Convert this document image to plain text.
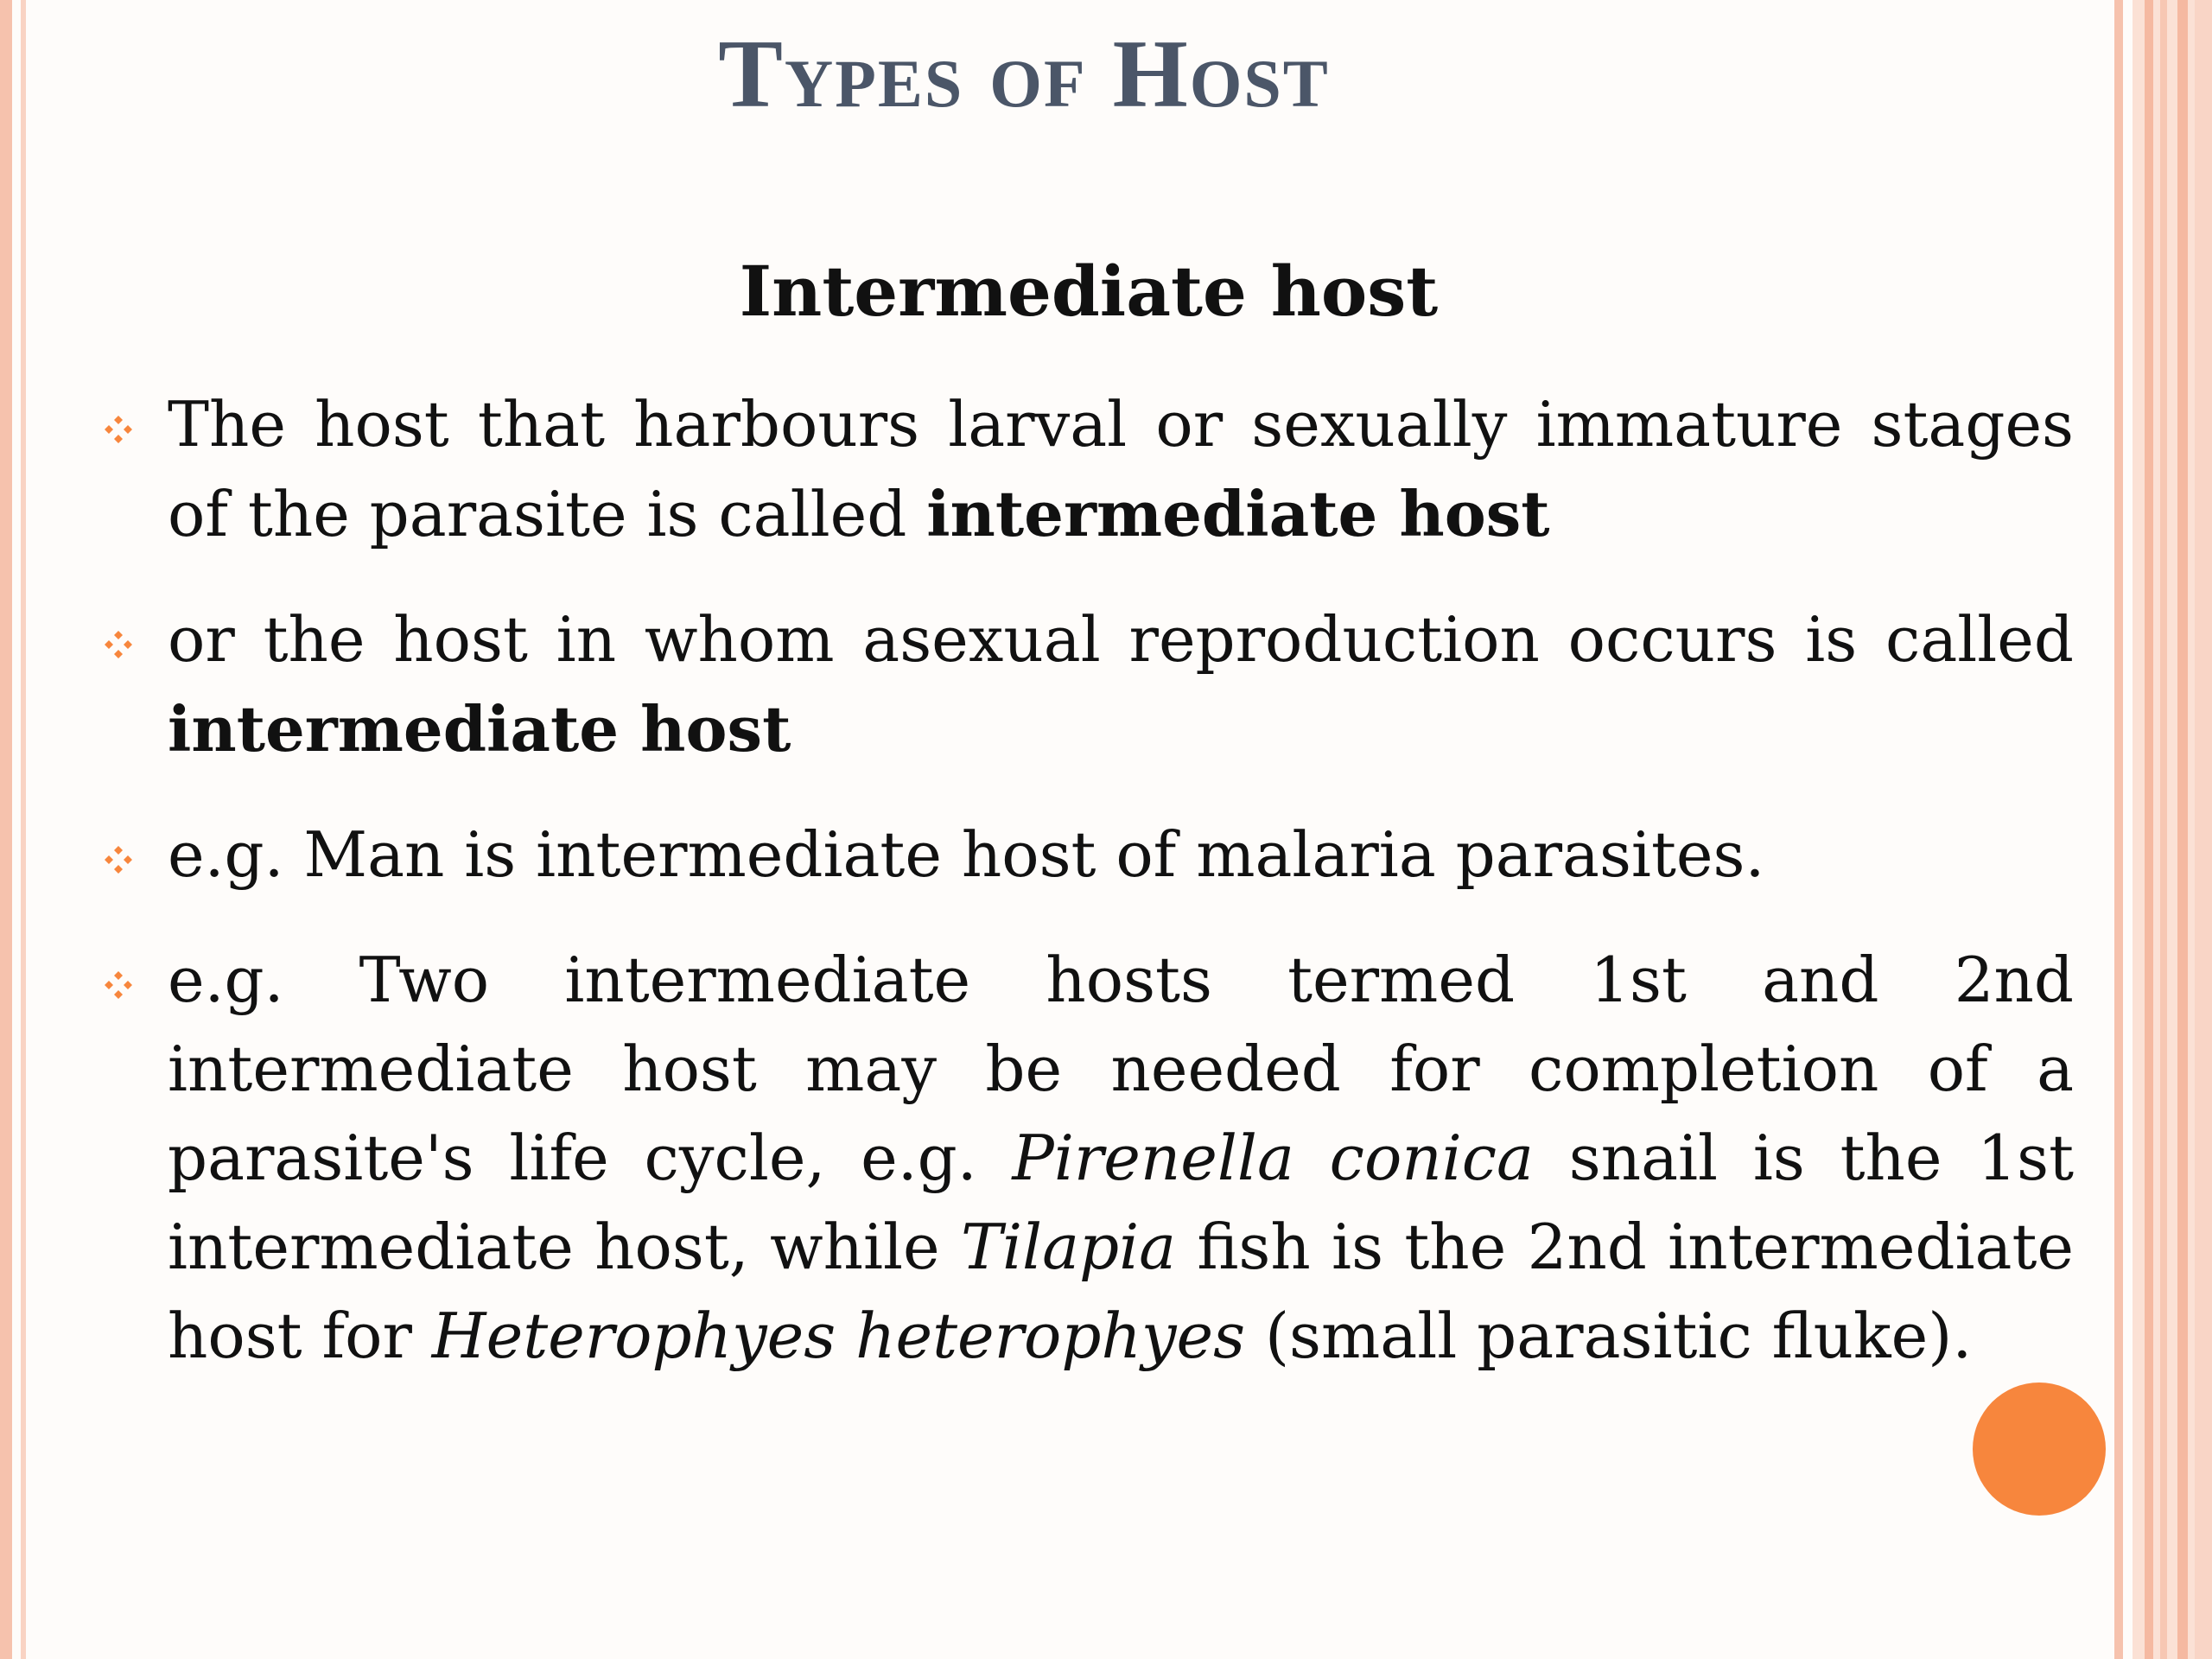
Types of Host
Intermediate host
The host that harbours larval or sexually immature stages of the parasite is called intermediate host
or the host in whom asexual reproduction occurs is called intermediate host
e.g. Man is intermediate host of malaria parasites.
e.g. Two intermediate hosts termed 1st and 2nd intermediate host may be needed for completion of a parasite's life cycle, e.g. Pirenella conica snail is the 1st intermediate host, while Tilapia fish is the 2nd intermediate host for Heterophyes heterophyes (small parasitic fluke).
